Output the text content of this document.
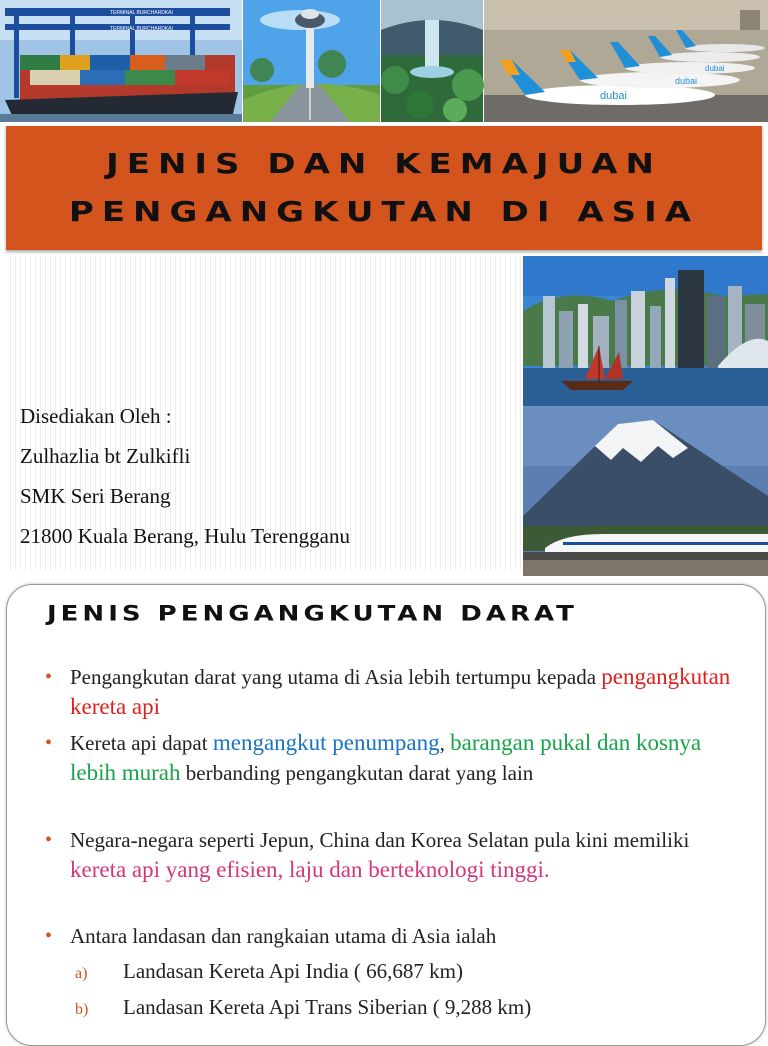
TERMINAL BURCHARDKAI
TERMINAL BURCHARDKAI
dubai
dubai
dubai
JENIS DAN KEMAJUAN
PENGANGKUTAN DI ASIA
Disediakan Oleh :
Zulhazlia bt Zulkifli
SMK Seri Berang
21800 Kuala Berang, Hulu Terengganu
JENIS PENGANGKUTAN DARAT
• Pengangkutan darat yang utama di Asia lebih tertumpu kepada pengangkutan kereta api
• Kereta api dapat mengangkut penumpang, barangan pukal dan kosnya lebih murah berbanding pengangkutan darat yang lain
• Negara-negara seperti Jepun, China dan Korea Selatan pula kini memiliki kereta api yang efisien, laju dan berteknologi tinggi.
• Antara landasan dan rangkaian utama di Asia ialah
a) Landasan Kereta Api India ( 66,687 km)
b) Landasan Kereta Api Trans Siberian ( 9,288 km)
